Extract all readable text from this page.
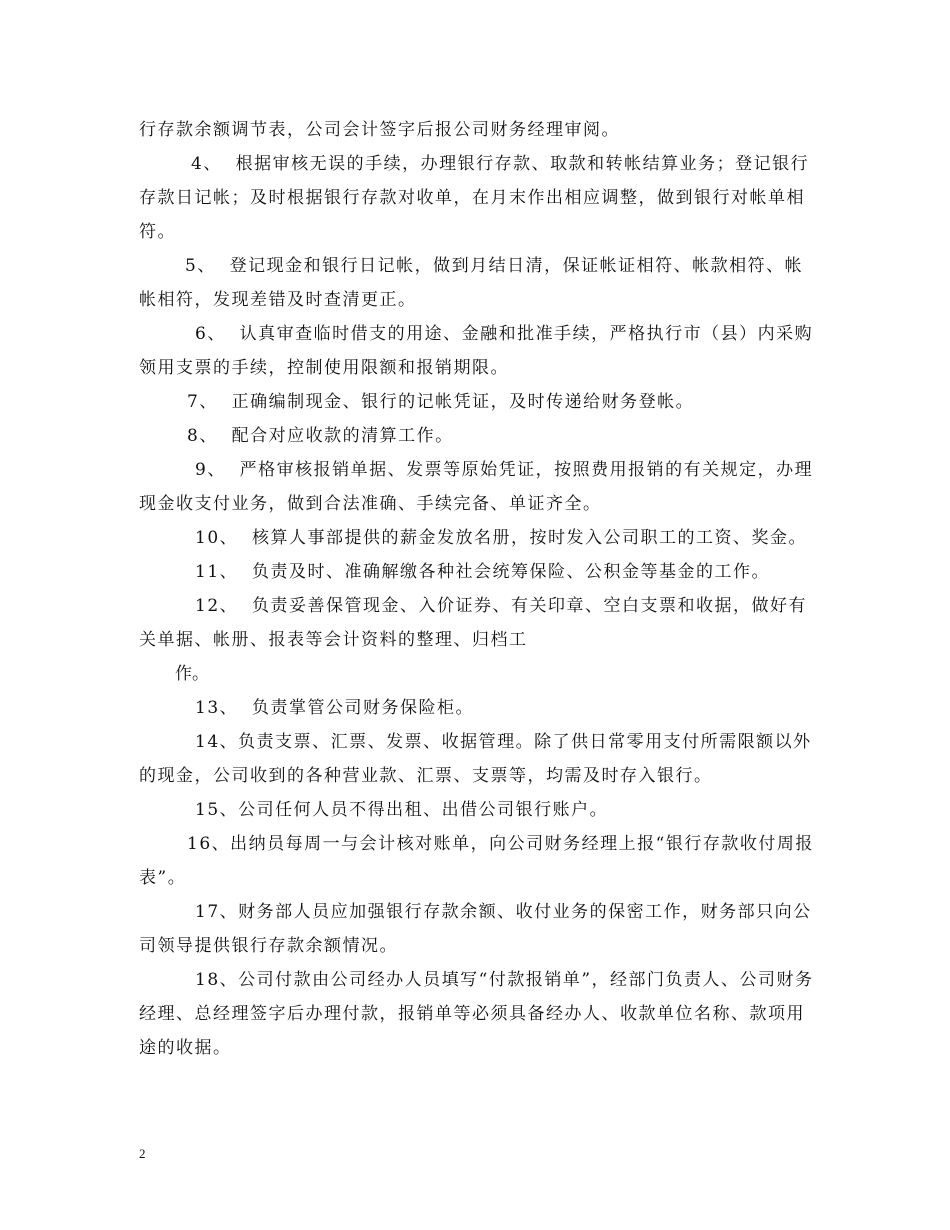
行存款余额调节表，公司会计签字后报公司财务经理审阅。

4、  根据审核无误的手续，办理银行存款、取款和转帐结算业务；登记银行存款日记帐；及时根据银行存款对收单，在月末作出相应调整，做到银行对帐单相符。

5、  登记现金和银行日记帐，做到月结日清，保证帐证相符、帐款相符、帐帐相符，发现差错及时查清更正。

6、  认真审查临时借支的用途、金融和批准手续，严格执行市（县）内采购领用支票的手续，控制使用限额和报销期限。

7、  正确编制现金、银行的记帐凭证，及时传递给财务登帐。

8、  配合对应收款的清算工作。

9、  严格审核报销单据、发票等原始凭证，按照费用报销的有关规定，办理现金收支付业务，做到合法准确、手续完备、单证齐全。

10、  核算人事部提供的薪金发放名册，按时发入公司职工的工资、奖金。

11、  负责及时、准确解缴各种社会统筹保险、公积金等基金的工作。

12、  负责妥善保管现金、入价证券、有关印章、空白支票和收据，做好有关单据、帐册、报表等会计资料的整理、归档工

作。

13、  负责掌管公司财务保险柜。

14、负责支票、汇票、发票、收据管理。除了供日常零用支付所需限额以外的现金，公司收到的各种营业款、汇票、支票等，均需及时存入银行。

15、公司任何人员不得出租、出借公司银行账户。

16、出纳员每周一与会计核对账单，向公司财务经理上报“银行存款收付周报表”。

17、财务部人员应加强银行存款余额、收付业务的保密工作，财务部只向公司领导提供银行存款余额情况。

18、公司付款由公司经办人员填写“付款报销单”，经部门负责人、公司财务经理、总经理签字后办理付款，报销单等必须具备经办人、收款单位名称、款项用途的收据。

2
